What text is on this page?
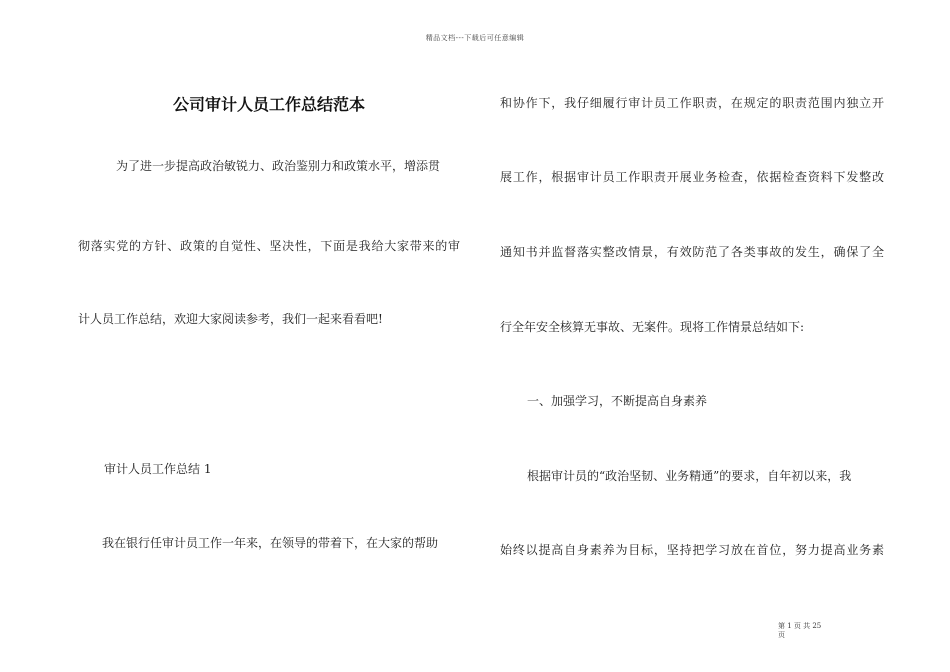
精品文档---下载后可任意编辑
公司审计人员工作总结范本
为了进一步提高政治敏锐力、政治鉴别力和政策水平，增添贯
彻落实党的方针、政策的自觉性、坚决性，下面是我给大家带来的审
计人员工作总结，欢迎大家阅读参考，我们一起来看看吧!
审计人员工作总结 1
我在银行任审计员工作一年来，在领导的带着下，在大家的帮助
和协作下，我仔细履行审计员工作职责，在规定的职责范围内独立开
展工作，根据审计员工作职责开展业务检查，依据检查资料下发整改
通知书并监督落实整改情景，有效防范了各类事故的发生，确保了全
行全年安全核算无事故、无案件。现将工作情景总结如下:
一、加强学习，不断提高自身素养
根据审计员的“政治坚韧、业务精通”的要求，自年初以来，我
始终以提高自身素养为目标，坚持把学习放在首位，努力提高业务素
第 1 页 共 25
页
